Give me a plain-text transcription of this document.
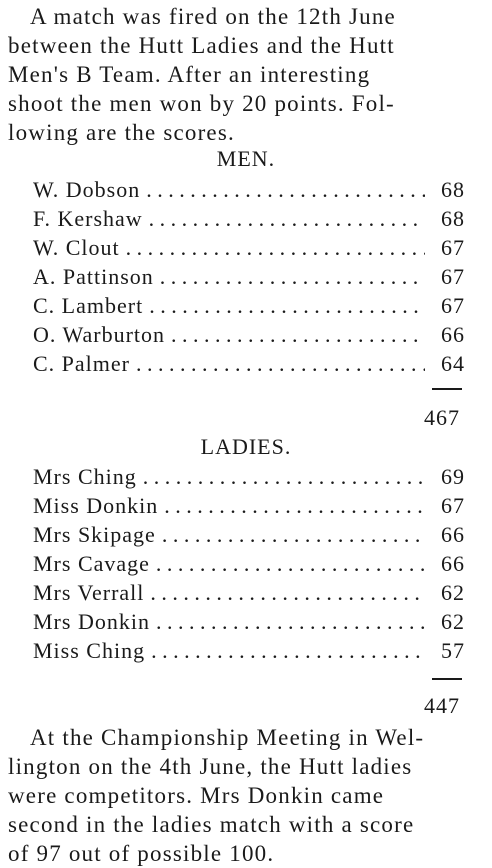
A match was fired on the 12th June
between the Hutt Ladies and the Hutt
Men's B Team. After an interesting
shoot the men won by 20 points. Fol-
lowing are the scores.

MEN.
W. Dobson . . .	68
F. Kershaw . . .	68
W. Clout . . .	67
A. Pattinson . . .	67
C. Lambert . . .	67
O. Warburton . . .	66
C. Palmer . . .	64

467

LADIES.
Mrs Ching . . .	69
Miss Donkin . . .	67
Mrs Skipage . . .	66
Mrs Cavage . . .	66
Mrs Verrall . . .	62
Mrs Donkin . . .	62
Miss Ching . . .	57

447

At the Championship Meeting in Wel-
lington on the 4th June, the Hutt ladies
were competitors. Mrs Donkin came
second in the ladies match with a score
of 97 out of possible 100.
